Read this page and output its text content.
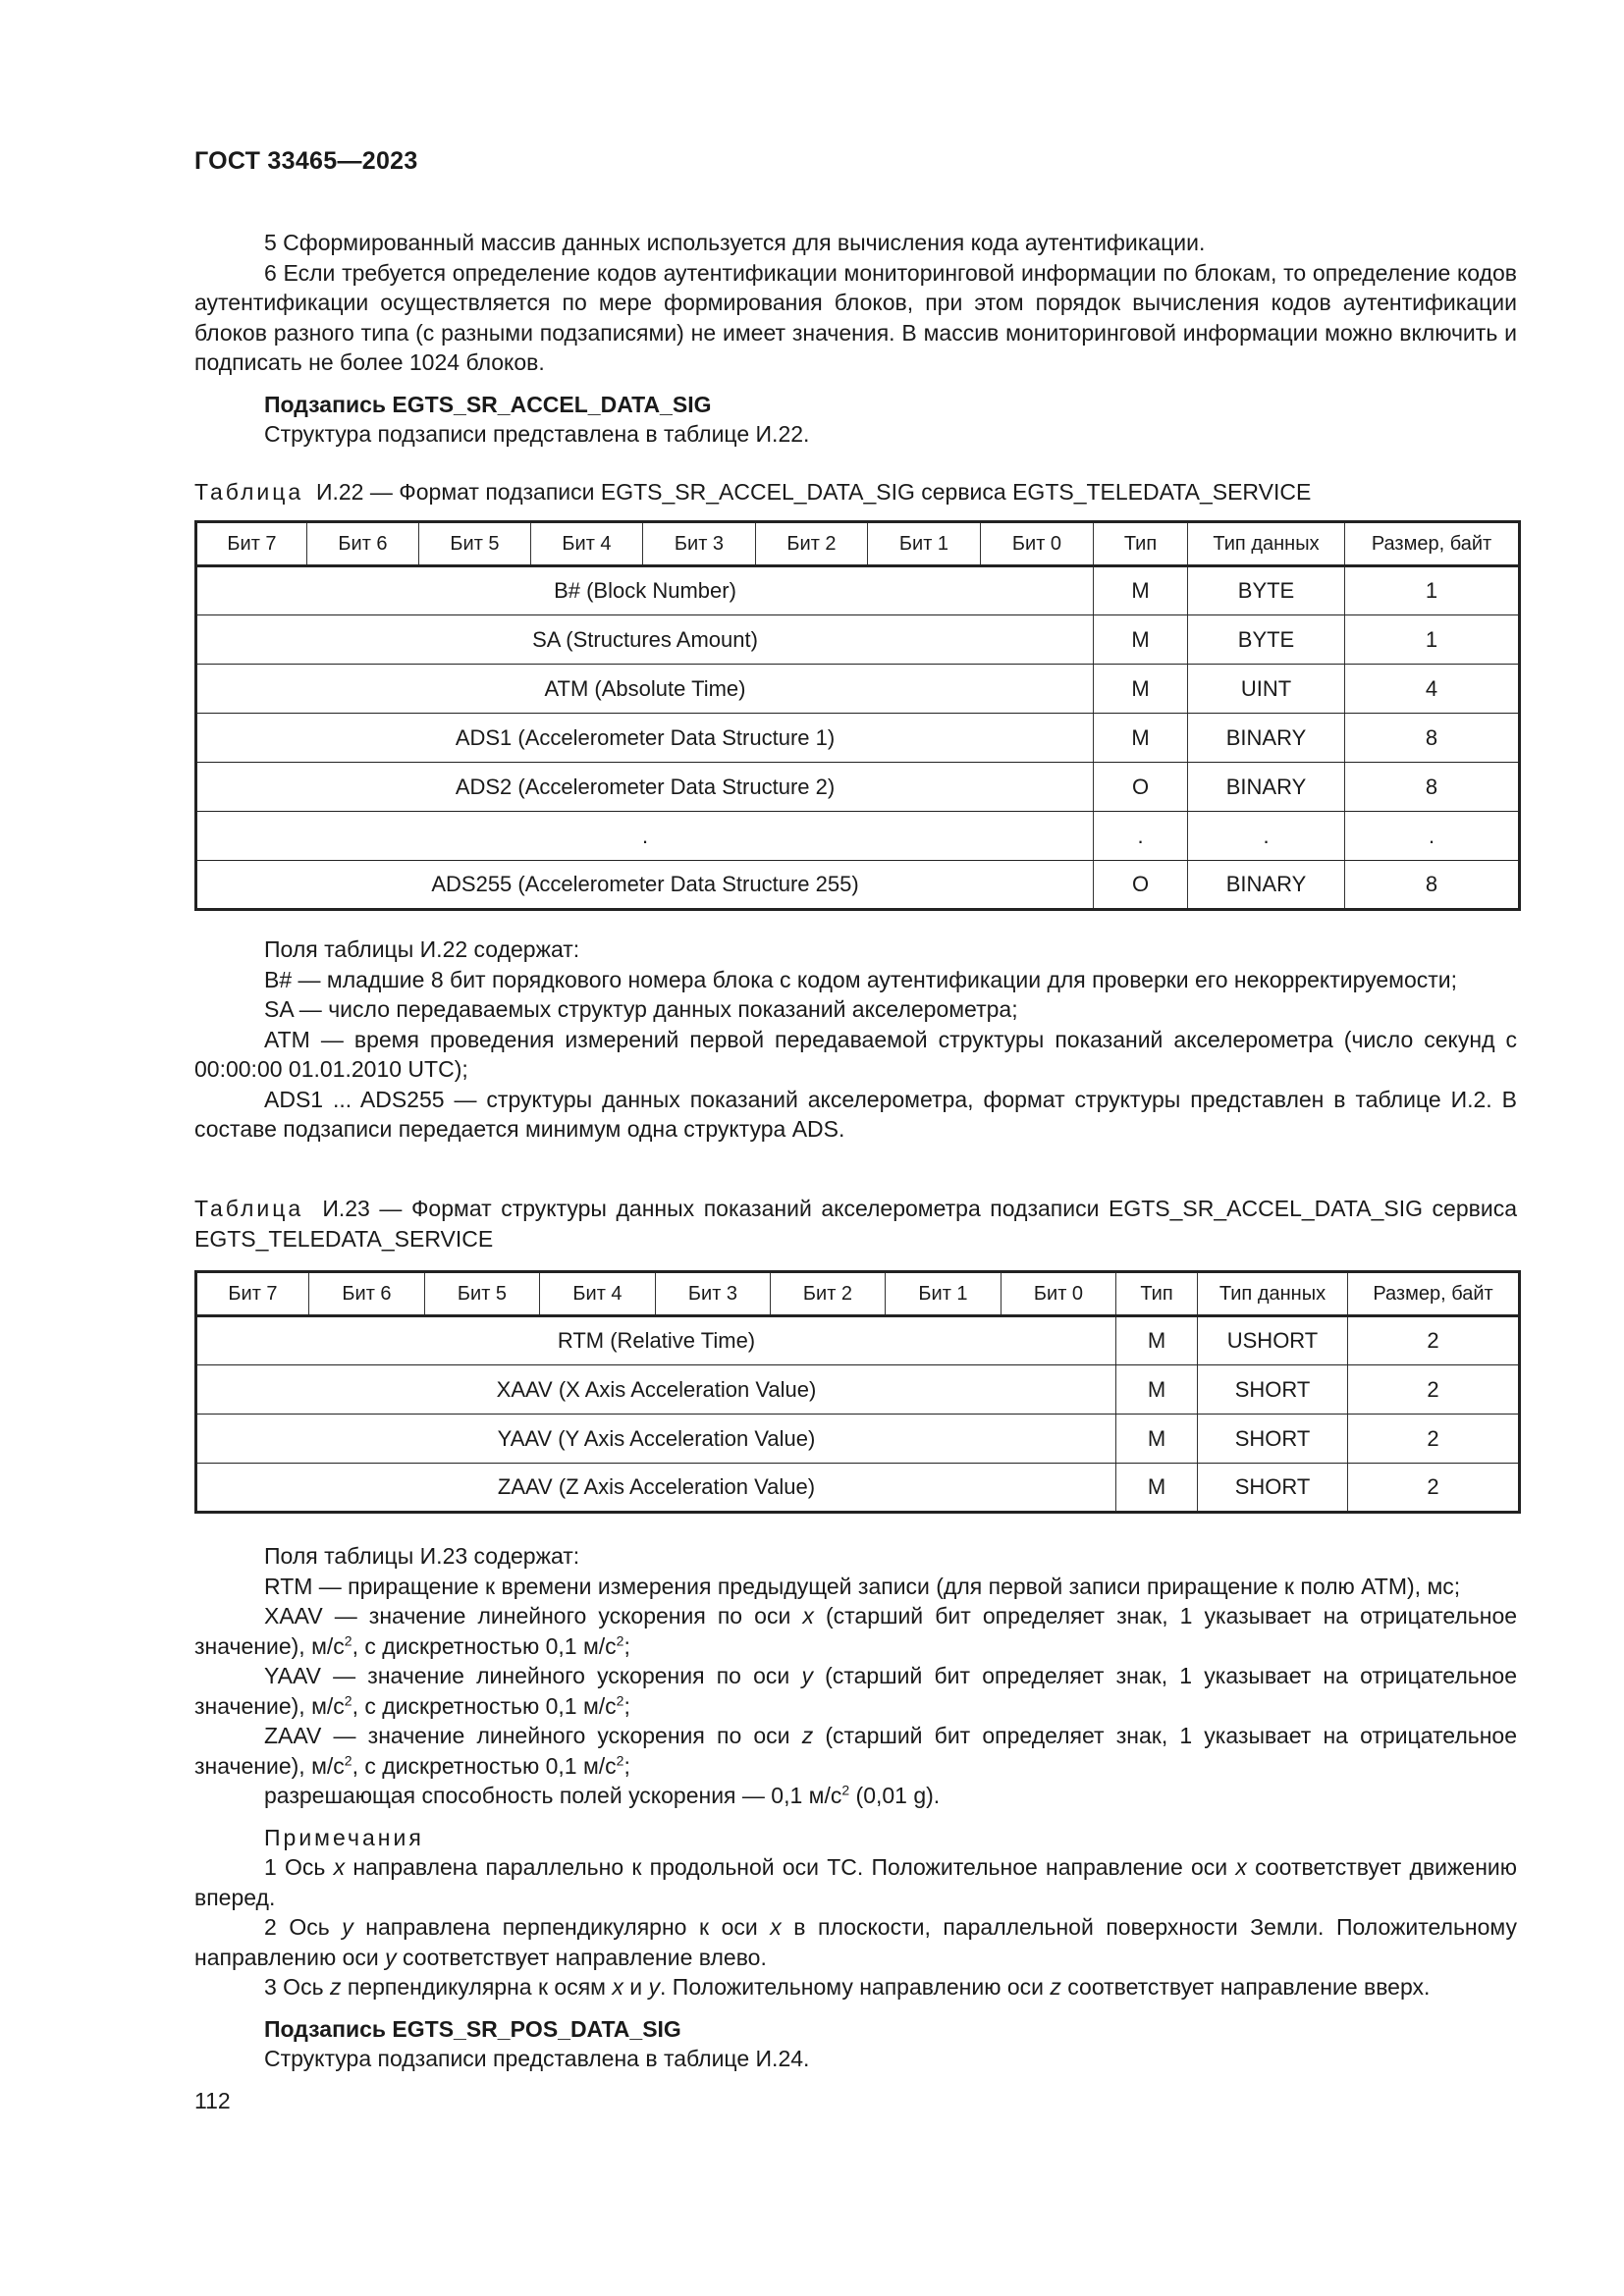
ГОСТ 33465—2023

5 Сформированный массив данных используется для вычисления кода аутентификации.

6 Если требуется определение кодов аутентификации мониторинговой информации по блокам, то определение кодов аутентификации осуществляется по мере формирования блоков, при этом порядок вычисления кодов аутентификации блоков разного типа (с разными подзаписями) не имеет значения. В массив мониторинговой информации можно включить и подписать не более 1024 блоков.

Подзапись EGTS_SR_ACCEL_DATA_SIG

Структура подзаписи представлена в таблице И.22.

Таблица И.22 — Формат подзаписи EGTS_SR_ACCEL_DATA_SIG сервиса EGTS_TELEDATA_SERVICE

Бит 7	Бит 6	Бит 5	Бит 4	Бит 3	Бит 2	Бит 1	Бит 0	Тип	Тип данных	Размер, байт
B# (Block Number)								M	BYTE	1
SA (Structures Amount)								M	BYTE	1
ATM (Absolute Time)								M	UINT	4
ADS1 (Accelerometer Data Structure 1)								M	BINARY	8
ADS2 (Accelerometer Data Structure 2)								O	BINARY	8
.								.	.	.
ADS255 (Accelerometer Data Structure 255)								O	BINARY	8

Поля таблицы И.22 содержат:

B# — младшие 8 бит порядкового номера блока с кодом аутентификации для проверки его некорректируемости;

SA — число передаваемых структур данных показаний акселерометра;

ATM — время проведения измерений первой передаваемой структуры показаний акселерометра (число секунд с 00:00:00 01.01.2010 UTC);

ADS1 ... ADS255 — структуры данных показаний акселерометра, формат структуры представлен в таблице И.2. В составе подзаписи передается минимум одна структура ADS.

Таблица И.23 — Формат структуры данных показаний акселерометра подзаписи EGTS_SR_ACCEL_DATA_SIG сервиса EGTS_TELEDATA_SERVICE

Бит 7	Бит 6	Бит 5	Бит 4	Бит 3	Бит 2	Бит 1	Бит 0	Тип	Тип данных	Размер, байт
RTM (Relative Time)								M	USHORT	2
XAAV (X Axis Acceleration Value)								M	SHORT	2
YAAV (Y Axis Acceleration Value)								M	SHORT	2
ZAAV (Z Axis Acceleration Value)								M	SHORT	2

Поля таблицы И.23 содержат:

RTM — приращение к времени измерения предыдущей записи (для первой записи приращение к полю ATM), мс;

XAAV — значение линейного ускорения по оси x (старший бит определяет знак, 1 указывает на отрицательное значение), $м/с^2$, с дискретностью 0,1 $м/с^2$;

YAAV — значение линейного ускорения по оси y (старший бит определяет знак, 1 указывает на отрицательное значение), $м/с^2$, с дискретностью 0,1 $м/с^2$;

ZAAV — значение линейного ускорения по оси z (старший бит определяет знак, 1 указывает на отрицательное значение), $м/с^2$, с дискретностью 0,1 $м/с^2$;

разрешающая способность полей ускорения — 0,1 $м/с^2$ (0,01 g).

Примечания

1 Ось x направлена параллельно к продольной оси ТС. Положительное направление оси x соответствует движению вперед.

2 Ось y направлена перпендикулярно к оси x в плоскости, параллельной поверхности Земли. Положительному направлению оси y соответствует направление влево.

3 Ось z перпендикулярна к осям x и y. Положительному направлению оси z соответствует направление вверх.

Подзапись EGTS_SR_POS_DATA_SIG

Структура подзаписи представлена в таблице И.24.

112
